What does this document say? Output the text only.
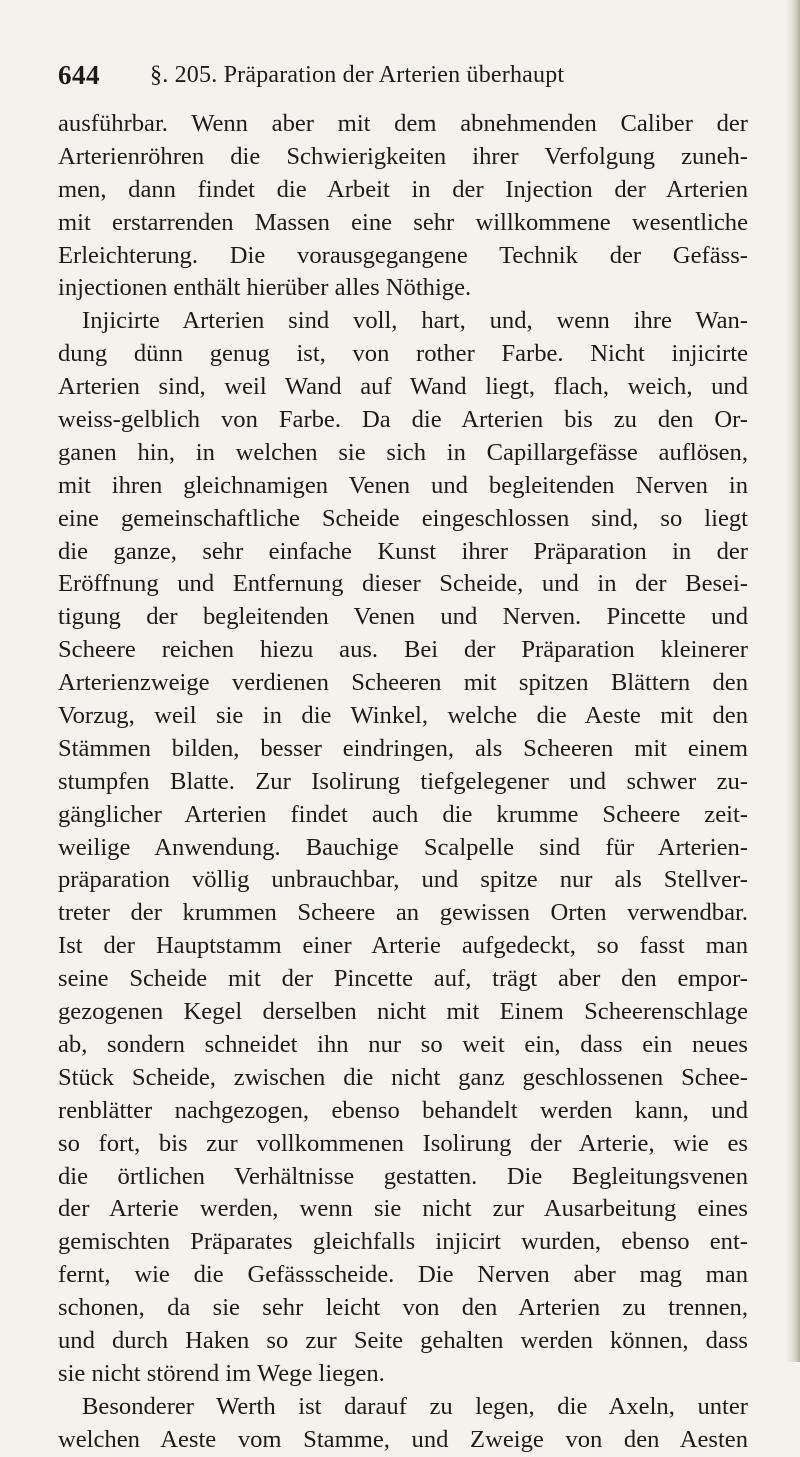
644 §. 205. Präparation der Arterien überhaupt
ausführbar. Wenn aber mit dem abnehmenden Caliber der
Arterienröhren die Schwierigkeiten ihrer Verfolgung zuneh-
men, dann findet die Arbeit in der Injection der Arterien
mit erstarrenden Massen eine sehr willkommene wesentliche
Erleichterung. Die vorausgegangene Technik der Gefäss-
injectionen enthält hierüber alles Nöthige.
Injicirte Arterien sind voll, hart, und, wenn ihre Wan-
dung dünn genug ist, von rother Farbe. Nicht injicirte
Arterien sind, weil Wand auf Wand liegt, flach, weich, und
weiss-gelblich von Farbe. Da die Arterien bis zu den Or-
ganen hin, in welchen sie sich in Capillargefässe auflösen,
mit ihren gleichnamigen Venen und begleitenden Nerven in
eine gemeinschaftliche Scheide eingeschlossen sind, so liegt
die ganze, sehr einfache Kunst ihrer Präparation in der
Eröffnung und Entfernung dieser Scheide, und in der Besei-
tigung der begleitenden Venen und Nerven. Pincette und
Scheere reichen hiezu aus. Bei der Präparation kleinerer
Arterienzweige verdienen Scheeren mit spitzen Blättern den
Vorzug, weil sie in die Winkel, welche die Aeste mit den
Stämmen bilden, besser eindringen, als Scheeren mit einem
stumpfen Blatte. Zur Isolirung tiefgelegener und schwer zu-
gänglicher Arterien findet auch die krumme Scheere zeit-
weilige Anwendung. Bauchige Scalpelle sind für Arterien-
präparation völlig unbrauchbar, und spitze nur als Stellver-
treter der krummen Scheere an gewissen Orten verwendbar.
Ist der Hauptstamm einer Arterie aufgedeckt, so fasst man
seine Scheide mit der Pincette auf, trägt aber den empor-
gezogenen Kegel derselben nicht mit Einem Scheerenschlage
ab, sondern schneidet ihn nur so weit ein, dass ein neues
Stück Scheide, zwischen die nicht ganz geschlossenen Schee-
renblätter nachgezogen, ebenso behandelt werden kann, und
so fort, bis zur vollkommenen Isolirung der Arterie, wie es
die örtlichen Verhältnisse gestatten. Die Begleitungsvenen
der Arterie werden, wenn sie nicht zur Ausarbeitung eines
gemischten Präparates gleichfalls injicirt wurden, ebenso ent-
fernt, wie die Gefässscheide. Die Nerven aber mag man
schonen, da sie sehr leicht von den Arterien zu trennen,
und durch Haken so zur Seite gehalten werden können, dass
sie nicht störend im Wege liegen.
Besonderer Werth ist darauf zu legen, die Axeln, unter
welchen Aeste vom Stamme, und Zweige von den Aesten
